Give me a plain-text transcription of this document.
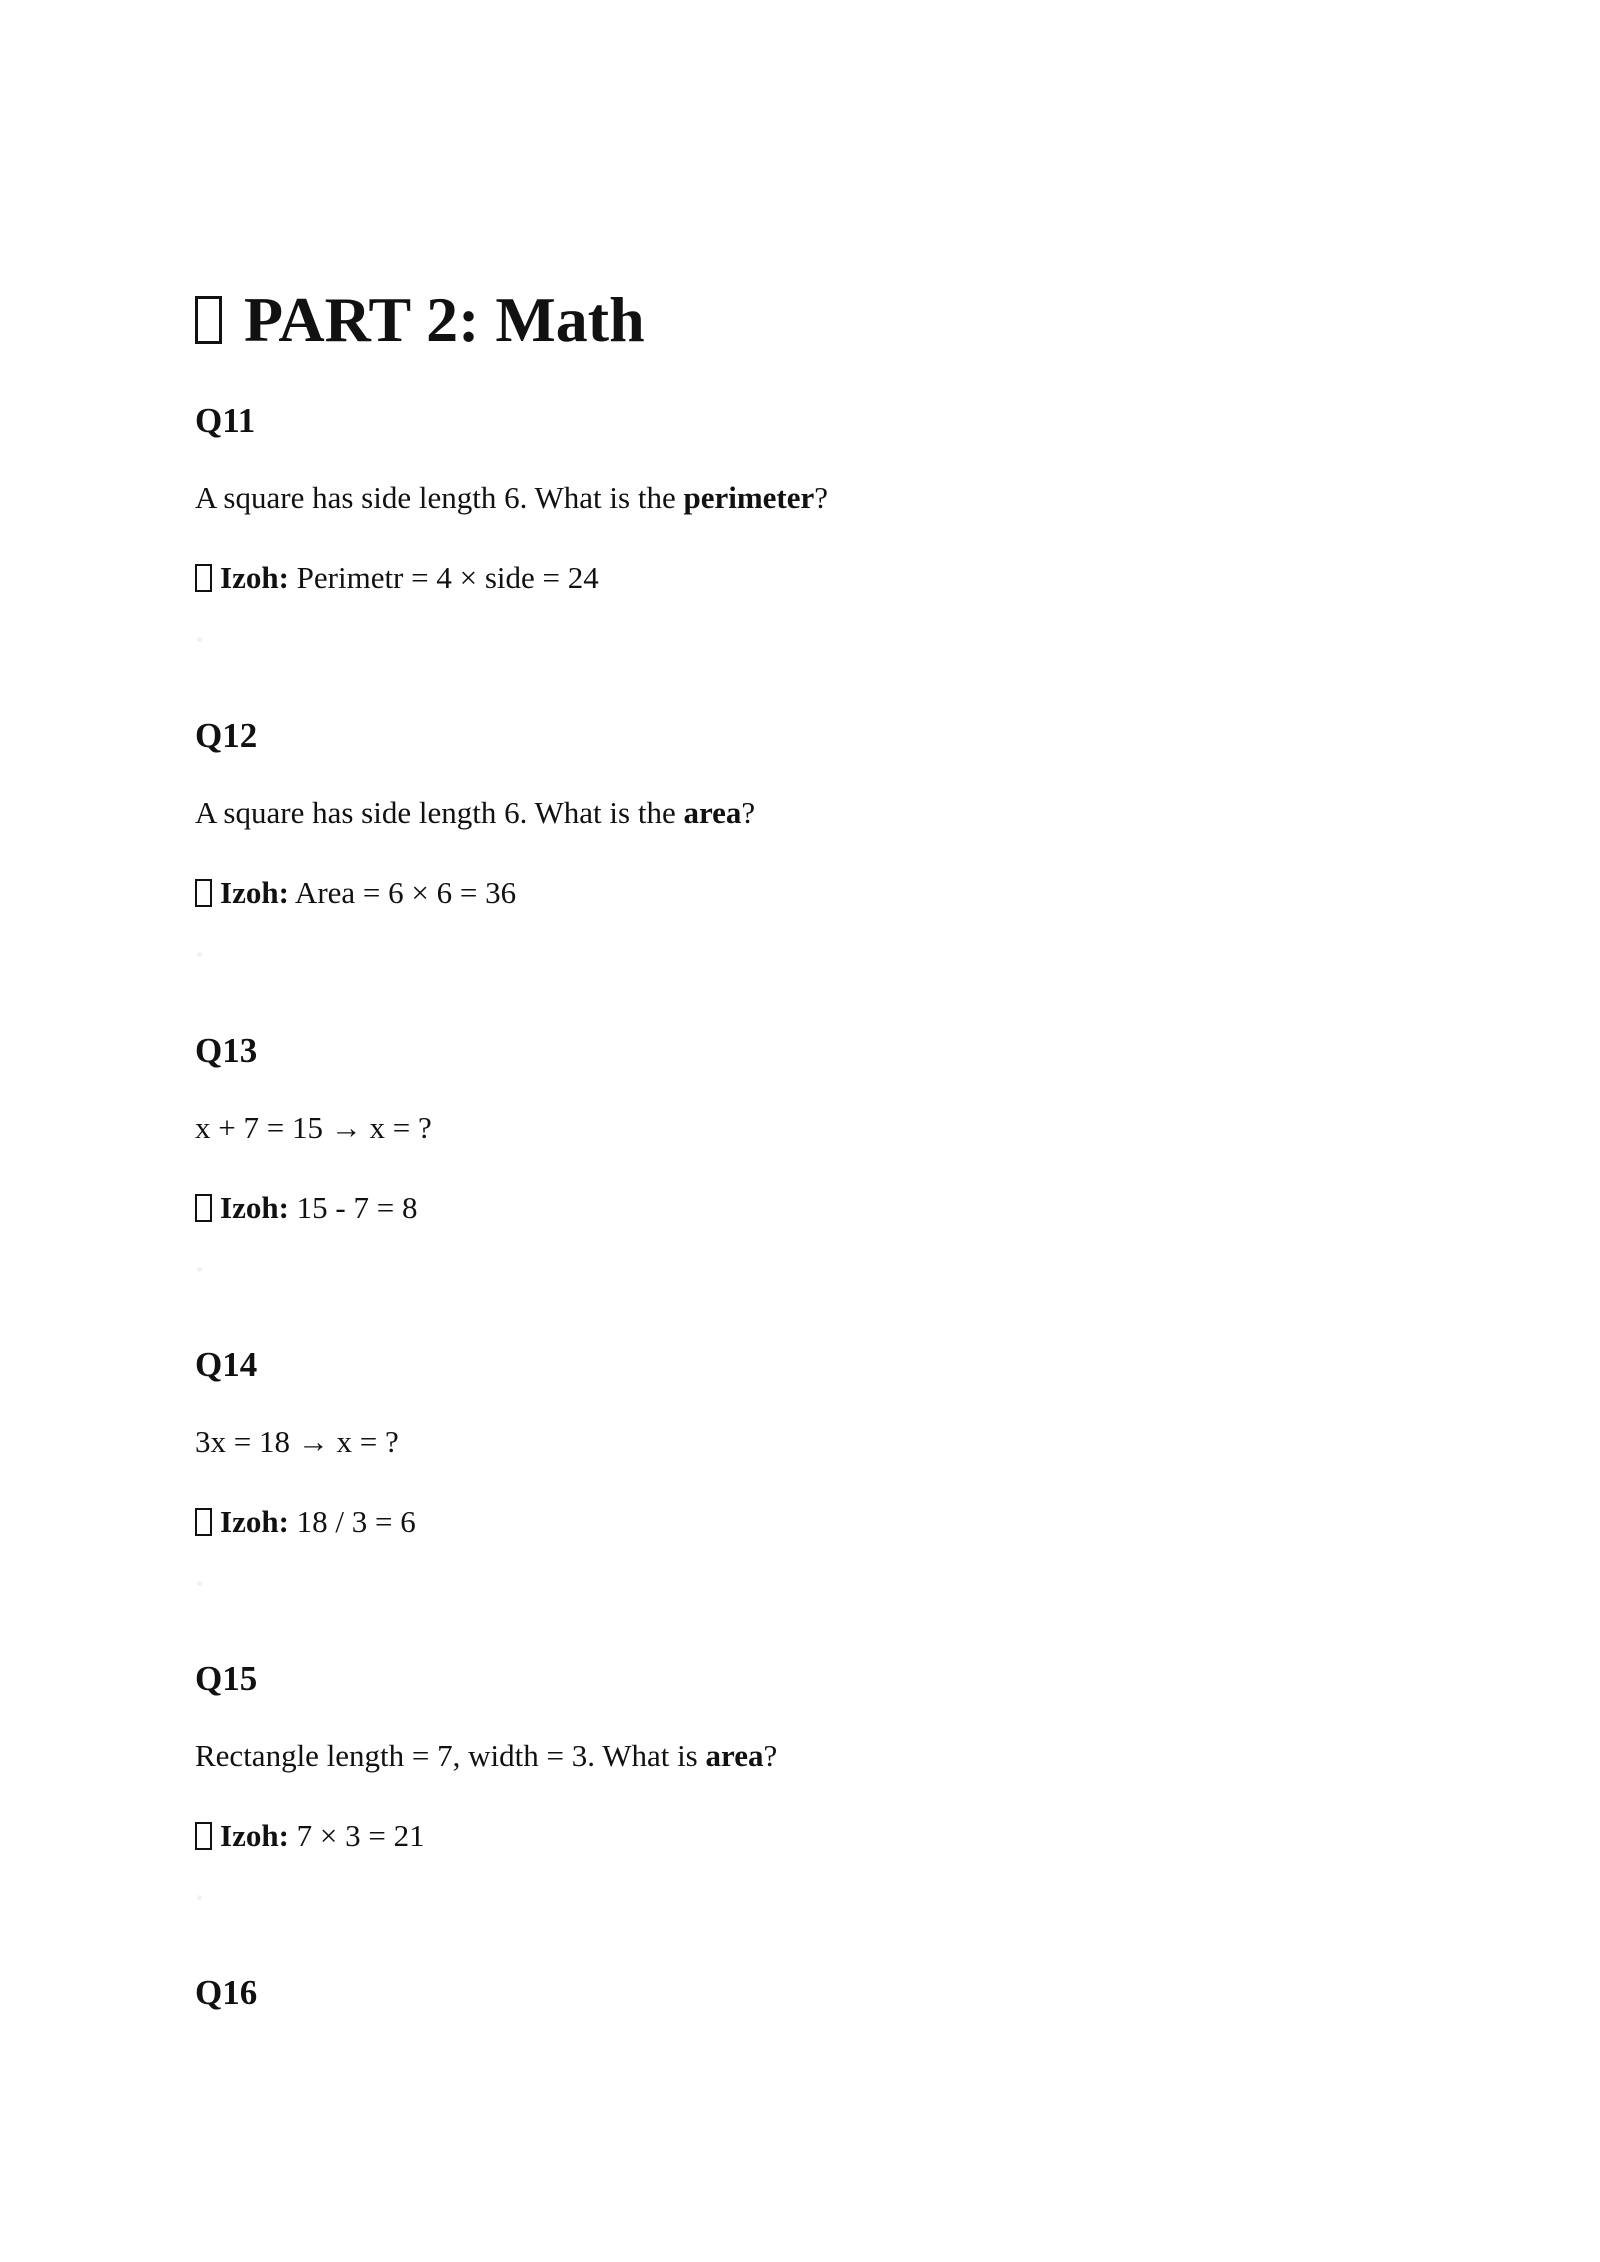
PART 2: Math
Q11

A square has side length 6. What is the perimeter?

Izoh: Perimetr = 4 × side = 24

Q12

A square has side length 6. What is the area?

Izoh: Area = 6 × 6 = 36

Q13

x + 7 = 15 → x = ?

Izoh: 15 - 7 = 8

Q14

3x = 18 → x = ?

Izoh: 18 / 3 = 6

Q15

Rectangle length = 7, width = 3. What is area?

Izoh: 7 × 3 = 21

Q16
